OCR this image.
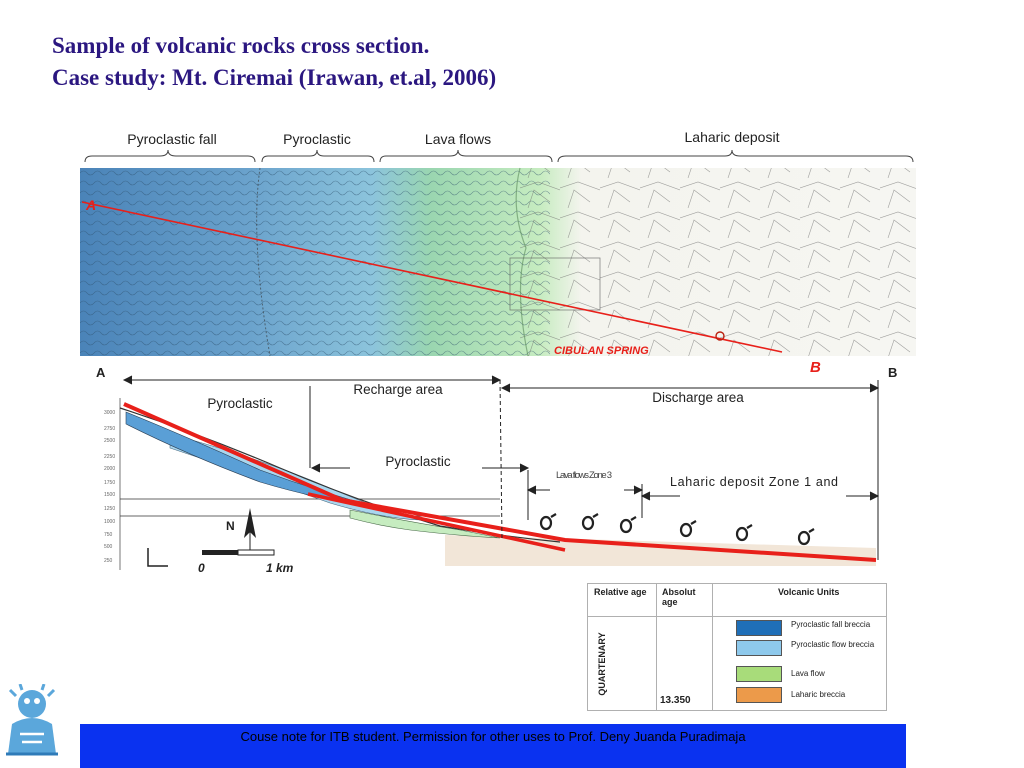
Sample of volcanic rocks cross section.
Case study: Mt. Ciremai (Irawan, et.al, 2006)
Pyroclastic fall	Pyroclastic	Lava flows	Laharic deposit
A
B
CIBULAN SPRING
A	B
3000
2750
2500
2250
2000
1750
1500
1250
1000
750
500
250
Recharge area
Discharge area
Pyroclastic
Pyroclastic
Lava flows Zone 3	Laharic deposit Zone 1 and
N
0	1 km
Relative age	Absolut age
Volcanic Units
QUARTENARY
13.350
Pyroclastic fall breccia
Pyroclastic flow breccia
Lava flow
Laharic breccia
Couse note for ITB student. Permission for other uses to Prof. Deny Juanda Puradimaja
